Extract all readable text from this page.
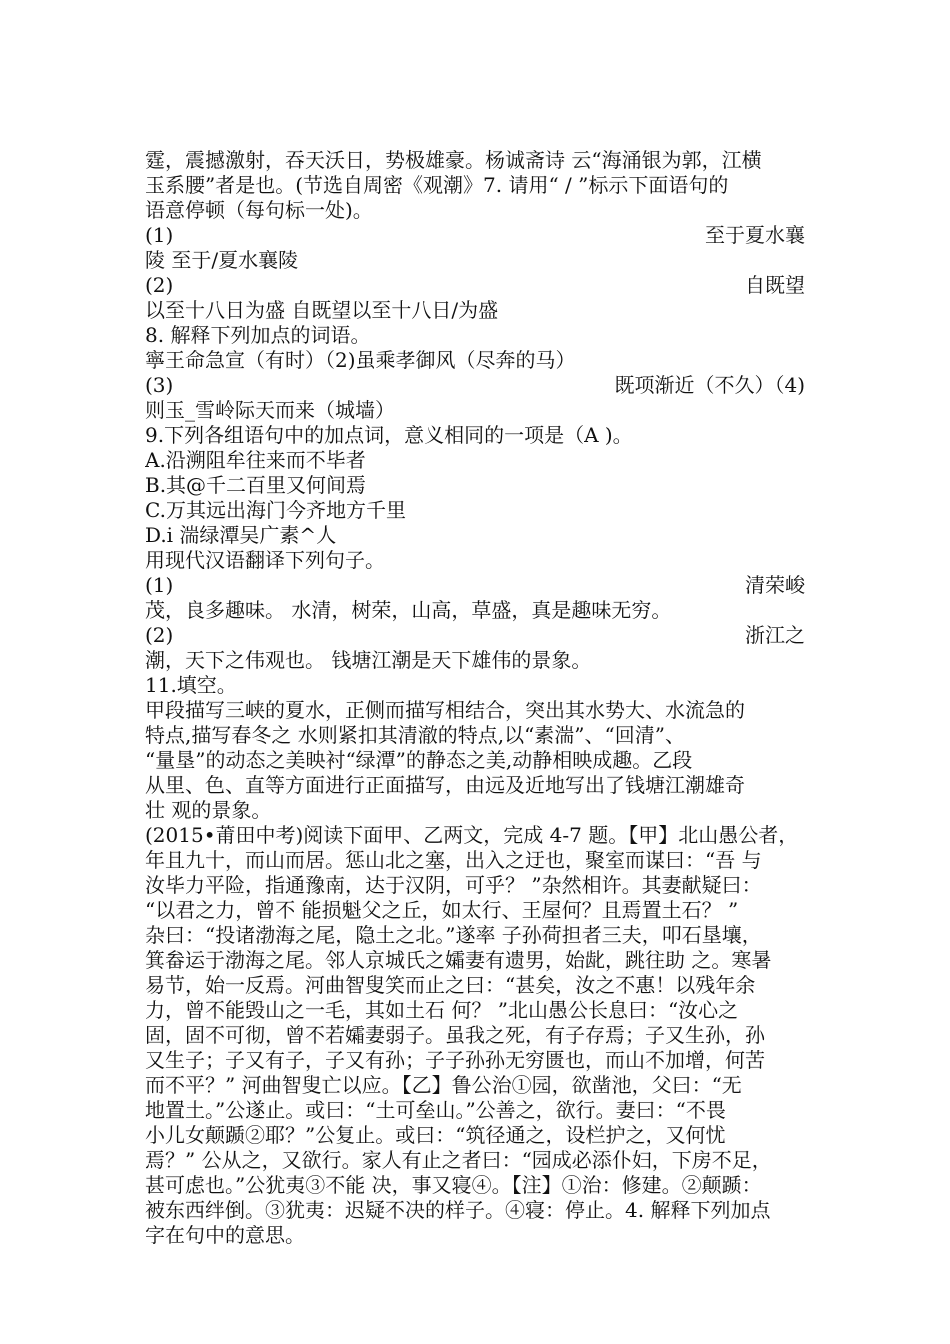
霆，震撼激射，吞天沃日，势极雄豪。杨诚斋诗 云“海涌银为郭，江横
玉系腰”者是也。(节选自周密《观潮》7. 请用“ / ”标示下面语句的
语意停顿（每句标一处)。
(1)	至于夏水襄
陵 至于/夏水襄陵
(2)	自既望
以至十八日为盛 自既望以至十八日/为盛
8. 解释下列加点的词语。
寧王命急宣（有时）（2)虽乘孝御风（尽奔的马）
(3)	既项渐近（不久）（4)
则玉_雪岭际天而来（城墙）
9.下列各组语句中的加点词，意义相同的一项是（A )。
A.沿溯阻牟往来而不毕者
B.其@千二百里又何间焉
C.万其远出海门今齐地方千里
D.i 湍绿潭吴广素^人
用现代汉语翻译下列句子。
(1)	清荣峻
茂，良多趣味。 水清，树荣，山高，草盛，真是趣味无穷。
(2)	浙江之
潮，天下之伟观也。 钱塘江潮是天下雄伟的景象。
11.填空。
甲段描写三峡的夏水，正侧而描写相结合，突出其水势大、水流急的
特点,描写春冬之 水则紧扣其清澈的特点,以“素湍”、“回清”、
“量垦”的动态之美映衬“绿潭”的静态之美,动静相映成趣。乙段
从里、色、直等方面进行正面描写，由远及近地写出了钱塘江潮雄奇
壮 观的景象。
(2015•莆田中考)阅读下面甲、乙两文，完成 4-7 题。【甲】北山愚公者，
年且九十，而山而居。惩山北之塞，出入之迂也，聚室而谋曰：“吾 与
汝毕力平险，指通豫南，达于汉阴，可乎？ ”杂然相许。其妻献疑曰：
“以君之力，曾不 能损魁父之丘，如太行、王屋何？且焉置土石？ ”
杂曰：“投诸渤海之尾，隐土之北。”遂率 子孙荷担者三夫，叩石垦壤，
箕畚运于渤海之尾。邻人京城氏之孀妻有遗男，始龀，跳往助 之。寒暑
易节，始一反焉。河曲智叟笑而止之曰：“甚矣，汝之不惠！以残年余
力，曾不能毁山之一毛，其如土石 何？ ”北山愚公长息曰：“汝心之
固，固不可彻，曾不若孀妻弱子。虽我之死，有子存焉；子又生孙，孙
又生子；子又有子，子又有孙；子子孙孙无穷匮也，而山不加增，何苦
而不平？” 河曲智叟亡以应。【乙】鲁公治①园，欲凿池，父曰：“无
地置土。”公遂止。或曰：“土可垒山。”公善之，欲行。妻曰：“不畏
小儿女颠踬②耶？”公复止。或曰：“筑径通之，设栏护之，又何忧
焉？” 公从之，又欲行。家人有止之者曰：“园成必添仆妇，下房不足，
甚可虑也。”公犹夷③不能 决，事又寝④。【注】①治：修建。②颠踬：
被东西绊倒。③犹夷：迟疑不决的样子。④寝：停止。4. 解释下列加点
字在句中的意思。
